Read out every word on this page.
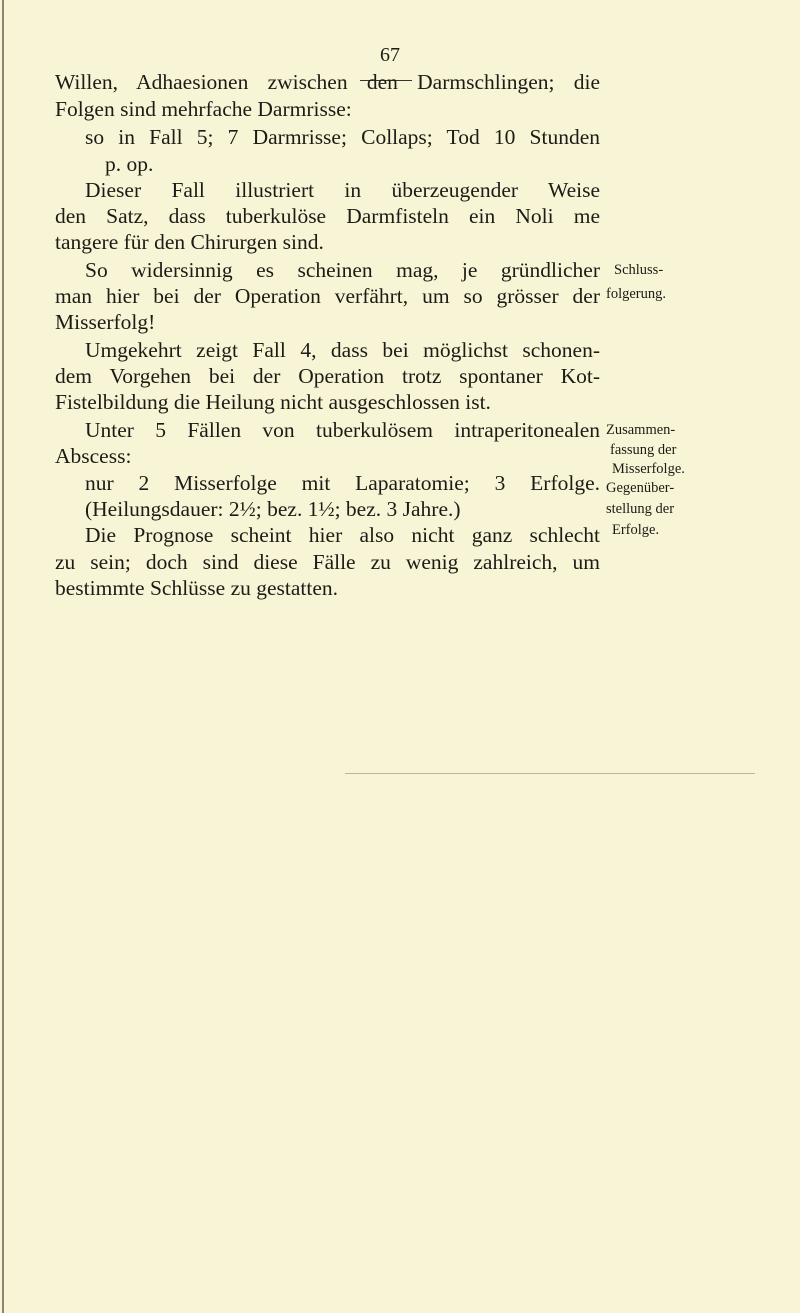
67
Willen, Adhaesionen zwischen den Darmschlingen; die
Folgen sind mehrfache Darmrisse:
so in Fall 5; 7 Darmrisse; Collaps; Tod 10 Stunden
p. op.
Dieser Fall illustriert in überzeugender Weise
den Satz, dass tuberkulöse Darmfisteln ein Noli me
tangere für den Chirurgen sind.
So widersinnig es scheinen mag, je gründlicher
man hier bei der Operation verfährt, um so grösser der
Misserfolg!
Umgekehrt zeigt Fall 4, dass bei möglichst schonen-
dem Vorgehen bei der Operation trotz spontaner Kot-
Fistelbildung die Heilung nicht ausgeschlossen ist.
Unter 5 Fällen von tuberkulösem intraperitonealen
Abscess:
nur 2 Misserfolge mit Laparatomie; 3 Erfolge.
(Heilungsdauer: 2½; bez. 1½; bez. 3 Jahre.)
Die Prognose scheint hier also nicht ganz schlecht
zu sein; doch sind diese Fälle zu wenig zahlreich, um
bestimmte Schlüsse zu gestatten.
Schluss-
folgerung.
Zusammen-
fassung der
Misserfolge.
Gegenüber-
stellung der
Erfolge.
